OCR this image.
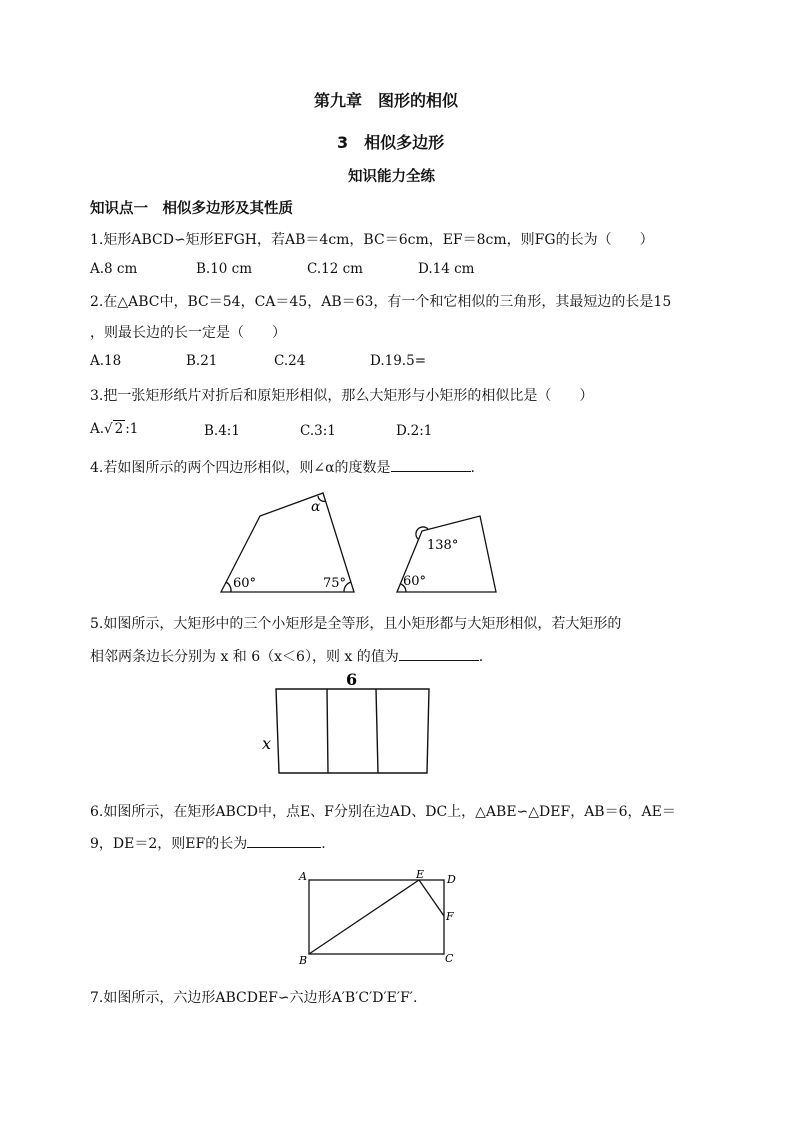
第九章　图形的相似
3　相似多边形
知识能力全练
知识点一　相似多边形及其性质
1.矩形ABCD∽矩形EFGH，若AB＝4cm，BC＝6cm，EF＝8cm，则FG的长为（　　）
A.8 cm	B.10 cm	C.12 cm	D.14 cm
2.在△ABC中，BC＝54，CA＝45，AB＝63，有一个和它相似的三角形，其最短边的长是15
，则最长边的长一定是（　　）
A.18	B.21	C.24	D.19.5=
3.把一张矩形纸片对折后和原矩形相似，那么大矩形与小矩形的相似比是（　　）
A.√ 2 :1	B.4:1	C.3:1	D.2:1
4.若如图所示的两个四边形相似，则∠α的度数是	.
α
60°	75°
138°
60°
5.如图所示，大矩形中的三个小矩形是全等形，且小矩形都与大矩形相似，若大矩形的
相邻两条边长分别为 x 和 6（x＜6），则 x 的值为	.
6
x
6.如图所示，在矩形ABCD中，点E、F分别在边AD、DC上，△ABE∽△DEF，AB＝6，AE＝
9，DE＝2，则EF的长为	.
A	E D
F
B	C
7.如图所示，六边形ABCDEF∽六边形A′B′C′D′E′F′.
